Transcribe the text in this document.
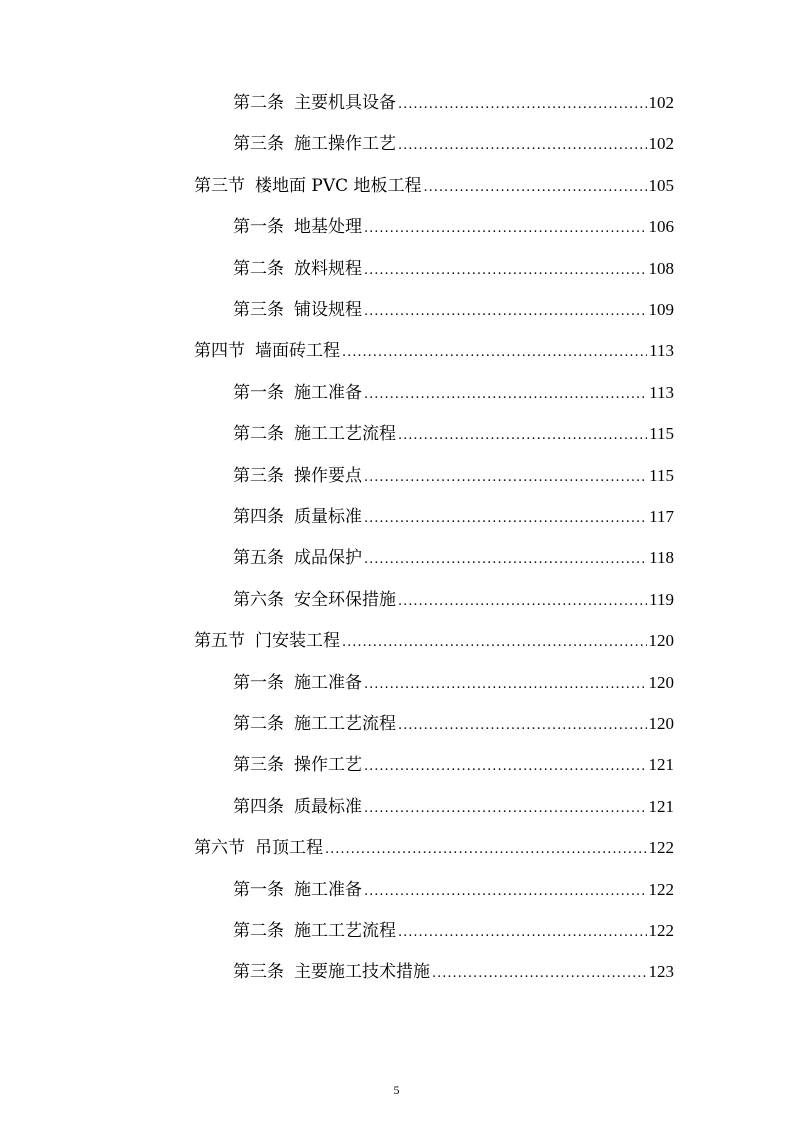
第二条 主要机具设备 .....	102
第三条 施工操作工艺 .....	102
第三节 楼地面 PVC 地板工程 .....	105
第一条 地基处理 .....	106
第二条 放料规程 .....	108
第三条 铺设规程 .....	109
第四节 墙面砖工程 .....	113
第一条 施工准备 .....	113
第二条 施工工艺流程 .....	115
第三条 操作要点 .....	115
第四条 质量标准 .....	117
第五条 成品保护 .....	118
第六条 安全环保措施 .....	119
第五节 门安装工程 .....	120
第一条 施工准备 .....	120
第二条 施工工艺流程 .....	120
第三条 操作工艺 .....	121
第四条 质最标准 .....	121
第六节 吊顶工程 .....	122
第一条 施工准备 .....	122
第二条 施工工艺流程 .....	122
第三条 主要施工技术措施 .....	123
5
